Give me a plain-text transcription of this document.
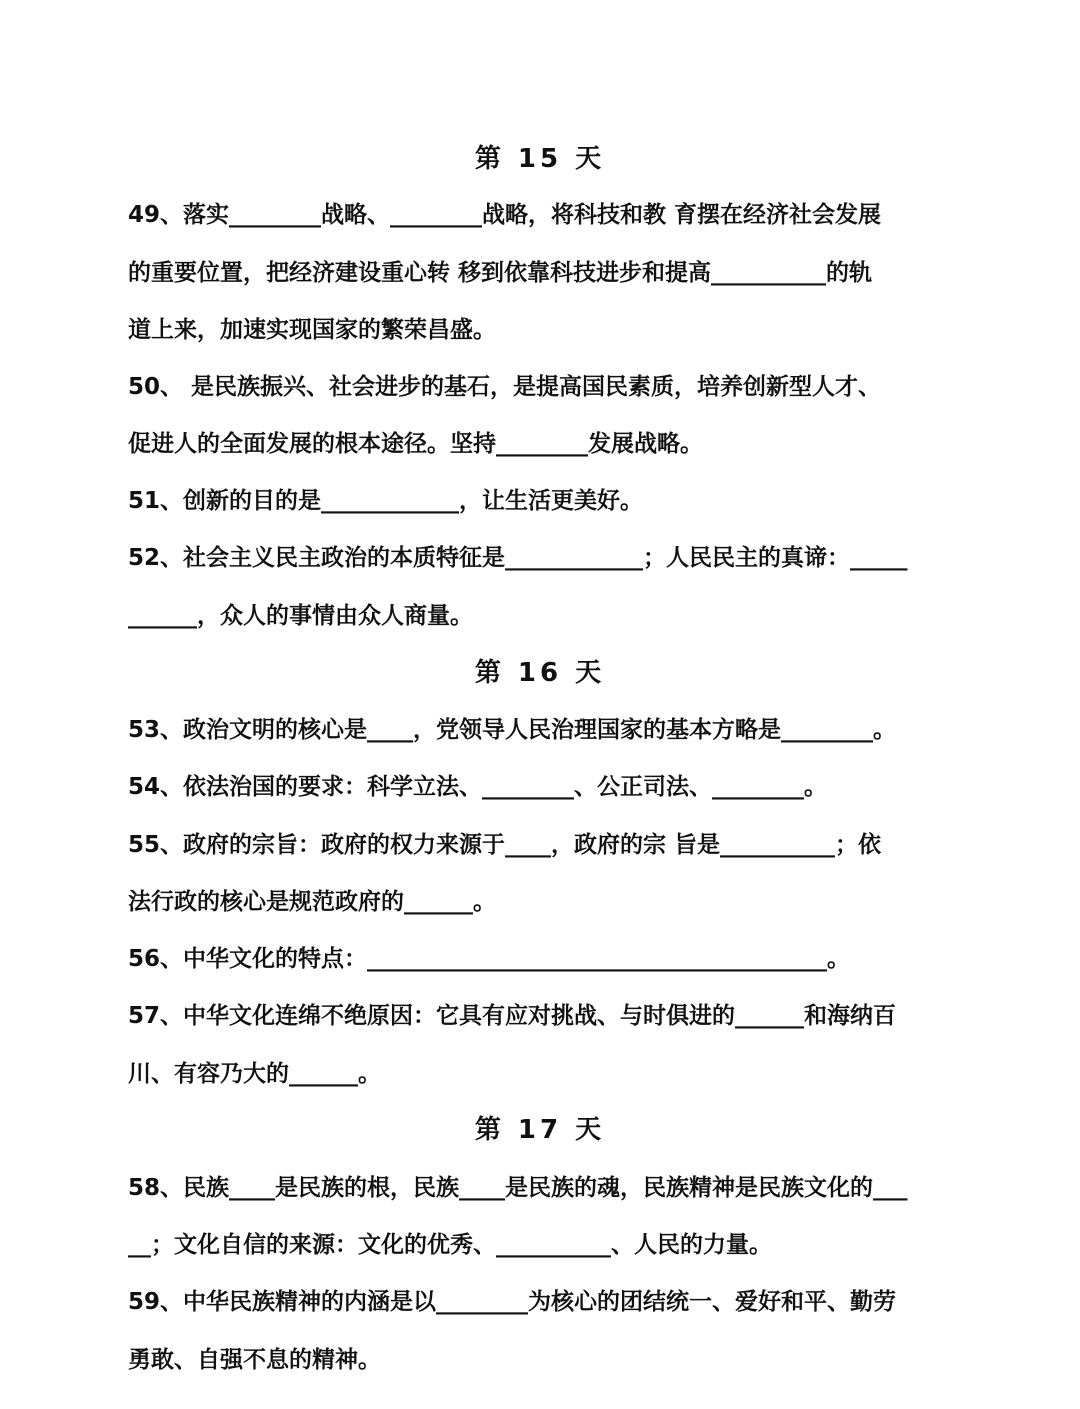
第 15 天
49、落实________战略、________战略，将科技和教 育摆在经济社会发展
的重要位置，把经济建设重心转 移到依靠科技进步和提高__________的轨
道上来，加速实现国家的繁荣昌盛。
50、 是民族振兴、社会进步的基石，是提高国民素质，培养创新型人才、
促进人的全面发展的根本途径。坚持________发展战略。
51、创新的目的是____________，让生活更美好。
52、社会主义民主政治的本质特征是____________；人民民主的真谛：_____
______，众人的事情由众人商量。
第 16 天
53、政治文明的核心是____，党领导人民治理国家的基本方略是________。
54、依法治国的要求：科学立法、________、公正司法、________。
55、政府的宗旨：政府的权力来源于____，政府的宗 旨是__________；依
法行政的核心是规范政府的______。
56、中华文化的特点：________________________________________。
57、中华文化连绵不绝原因：它具有应对挑战、与时俱进的______和海纳百
川、有容乃大的______。
第 17 天
58、民族____是民族的根，民族____是民族的魂，民族精神是民族文化的___
__；文化自信的来源：文化的优秀、__________、人民的力量。
59、中华民族精神的内涵是以________为核心的团结统一、爱好和平、勤劳
勇敢、自强不息的精神。
